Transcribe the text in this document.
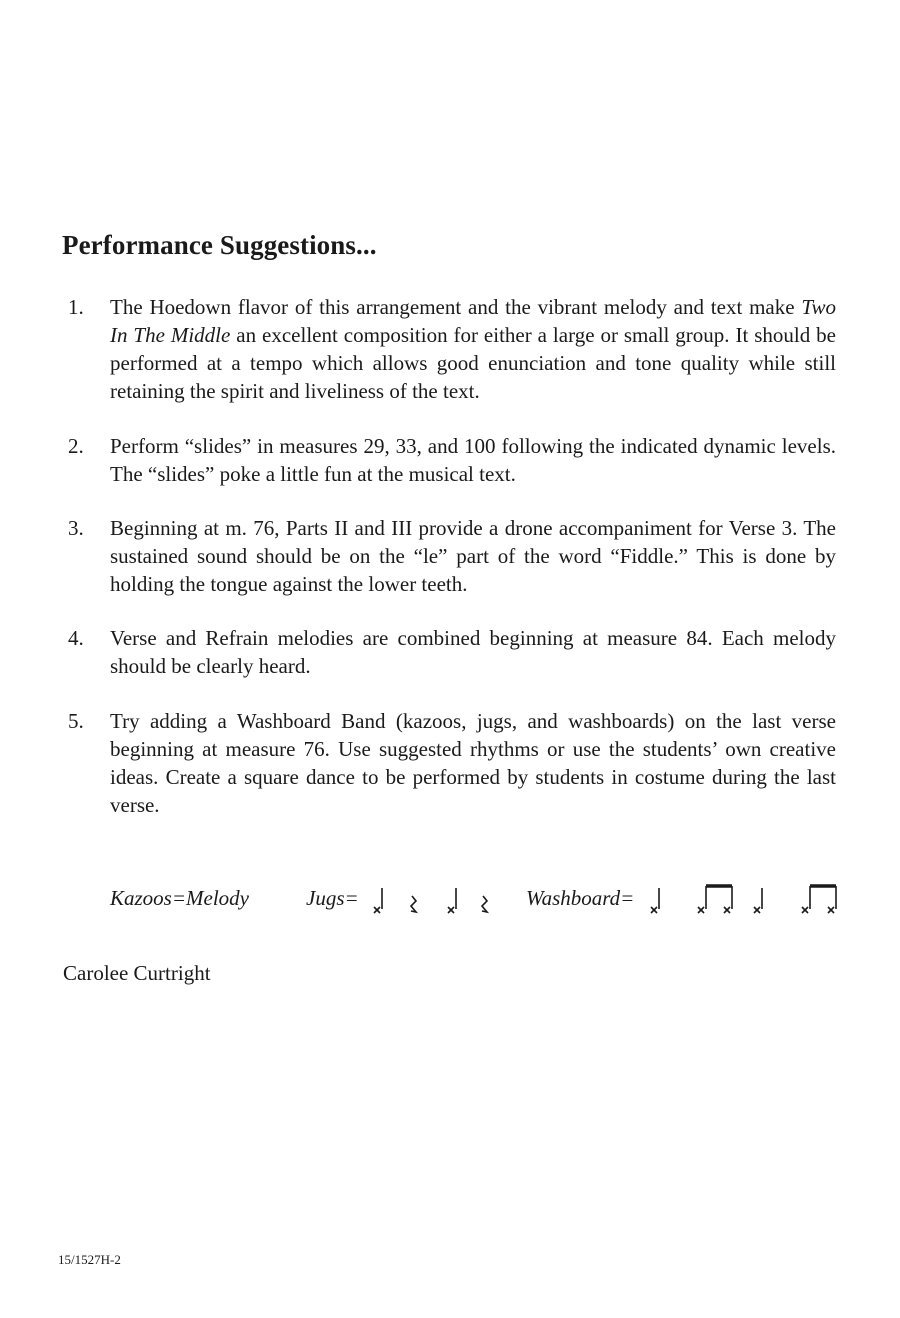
Performance Suggestions...
1.	The Hoedown flavor of this arrangement and the vibrant melody and text make Two In The Middle an excellent composition for either a large or small group. It should be performed at a tempo which allows good enunciation and tone quality while still retaining the spirit and liveliness of the text.
2.	Perform “slides” in measures 29, 33, and 100 following the indicated dynamic levels. The “slides” poke a little fun at the musical text.
3.	Beginning at m. 76, Parts II and III provide a drone accompaniment for Verse 3. The sustained sound should be on the “le” part of the word “Fiddle.” This is done by holding the tongue against the lower teeth.
4.	Verse and Refrain melodies are combined beginning at measure 84. Each melody should be clearly heard.
5.	Try adding a Washboard Band (kazoos, jugs, and washboards) on the last verse beginning at measure 76. Use suggested rhythms or use the students’ own creative ideas. Create a square dance to be performed by students in costume during the last verse.
Kazoos=Melody	Jugs=	Washboard=
Carolee Curtright
15/1527H-2
